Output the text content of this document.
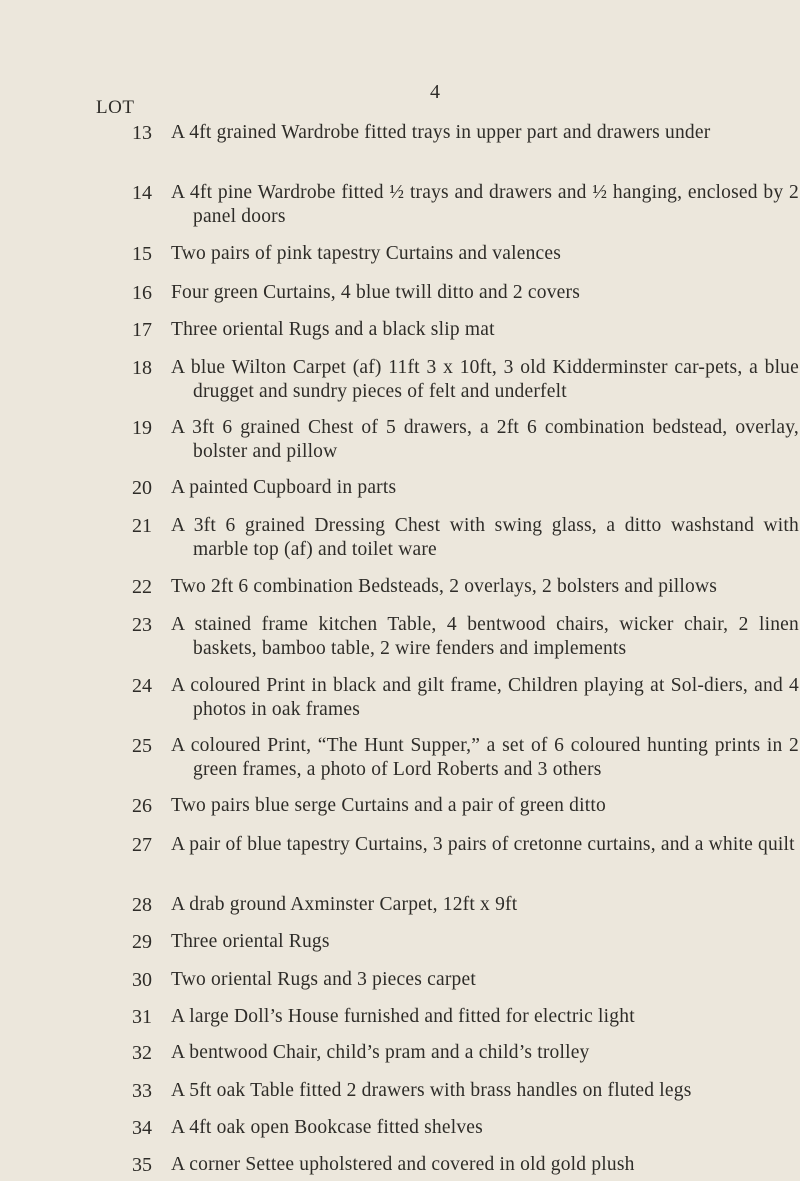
4
LOT
13 A 4ft grained Wardrobe fitted trays in upper part and drawers under
14 A 4ft pine Wardrobe fitted ½ trays and drawers and ½ hanging, enclosed by 2 panel doors
15 Two pairs of pink tapestry Curtains and valences
16 Four green Curtains, 4 blue twill ditto and 2 covers
17 Three oriental Rugs and a black slip mat
18 A blue Wilton Carpet (af) 11ft 3 x 10ft, 3 old Kidderminster car-pets, a blue drugget and sundry pieces of felt and underfelt
19 A 3ft 6 grained Chest of 5 drawers, a 2ft 6 combination bedstead, overlay, bolster and pillow
20 A painted Cupboard in parts
21 A 3ft 6 grained Dressing Chest with swing glass, a ditto washstand with marble top (af) and toilet ware
22 Two 2ft 6 combination Bedsteads, 2 overlays, 2 bolsters and pillows
23 A stained frame kitchen Table, 4 bentwood chairs, wicker chair, 2 linen baskets, bamboo table, 2 wire fenders and implements
24 A coloured Print in black and gilt frame, Children playing at Sol-diers, and 4 photos in oak frames
25 A coloured Print, “The Hunt Supper,” a set of 6 coloured hunting prints in 2 green frames, a photo of Lord Roberts and 3 others
26 Two pairs blue serge Curtains and a pair of green ditto
27 A pair of blue tapestry Curtains, 3 pairs of cretonne curtains, and a white quilt
28 A drab ground Axminster Carpet, 12ft x 9ft
29 Three oriental Rugs
30 Two oriental Rugs and 3 pieces carpet
31 A large Doll’s House furnished and fitted for electric light
32 A bentwood Chair, child’s pram and a child’s trolley
33 A 5ft oak Table fitted 2 drawers with brass handles on fluted legs
34 A 4ft oak open Bookcase fitted shelves
35 A corner Settee upholstered and covered in old gold plush
